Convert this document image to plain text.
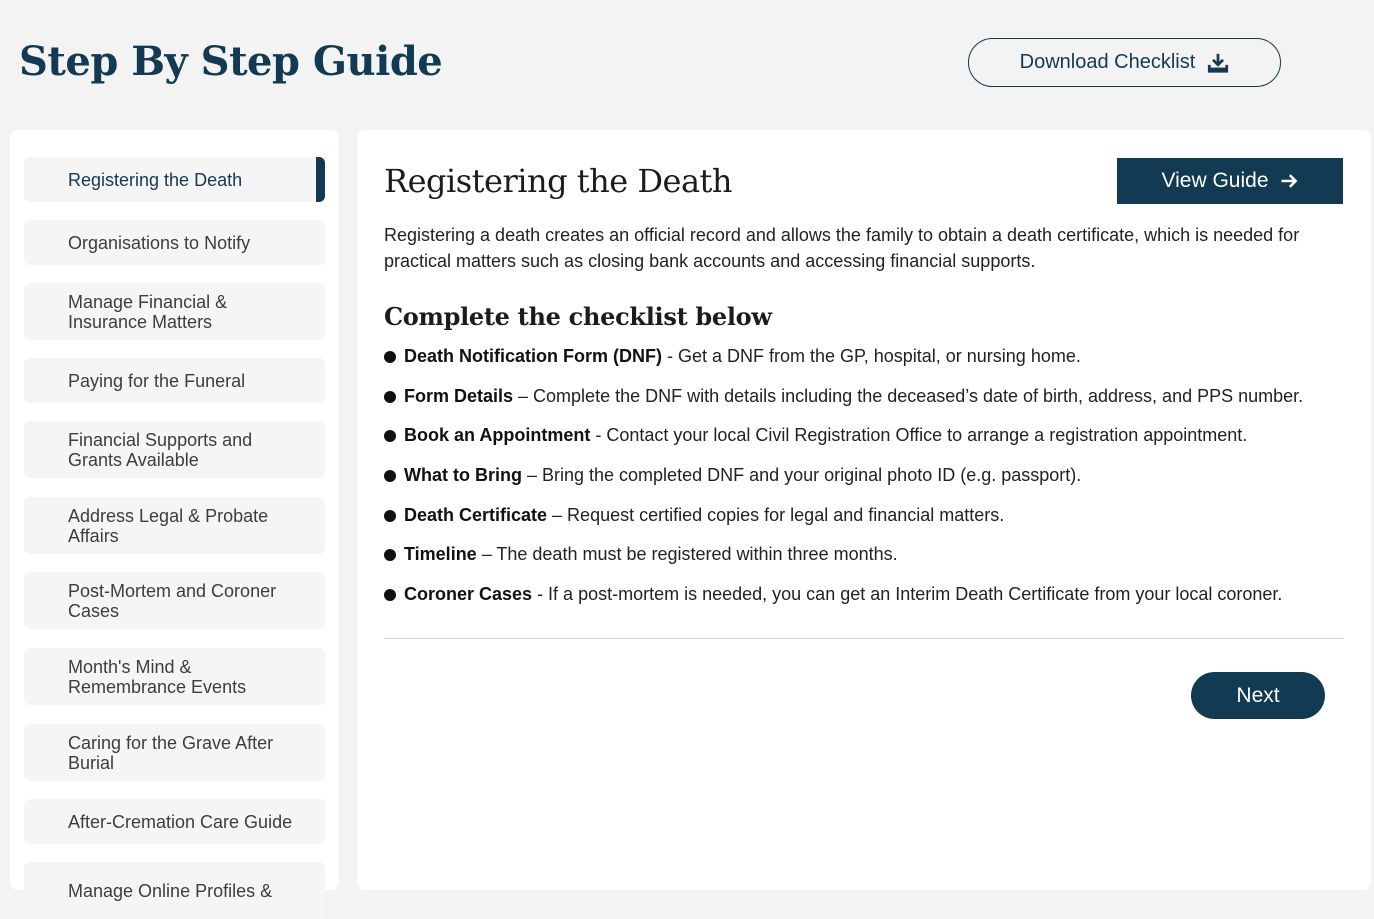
Step By Step Guide	Download Checklist
Registering the Death
Organisations to Notify
Manage Financial & Insurance Matters
Paying for the Funeral
Financial Supports and Grants Available
Address Legal & Probate Affairs
Post-Mortem and Coroner Cases
Month's Mind & Remembrance Events
Caring for the Grave After Burial
After-Cremation Care Guide
Manage Online Profiles &
Registering the Death	View Guide

Registering a death creates an official record and allows the family to obtain a death certificate, which is needed for practical matters such as closing bank accounts and accessing financial supports.

Complete the checklist below
Death Notification Form (DNF) - Get a DNF from the GP, hospital, or nursing home.
Form Details – Complete the DNF with details including the deceased’s date of birth, address, and PPS number.
Book an Appointment - Contact your local Civil Registration Office to arrange a registration appointment.
What to Bring – Bring the completed DNF and your original photo ID (e.g. passport).
Death Certificate – Request certified copies for legal and financial matters.
Timeline – The death must be registered within three months.
Coroner Cases - If a post-mortem is needed, you can get an Interim Death Certificate from your local coroner.
Next
